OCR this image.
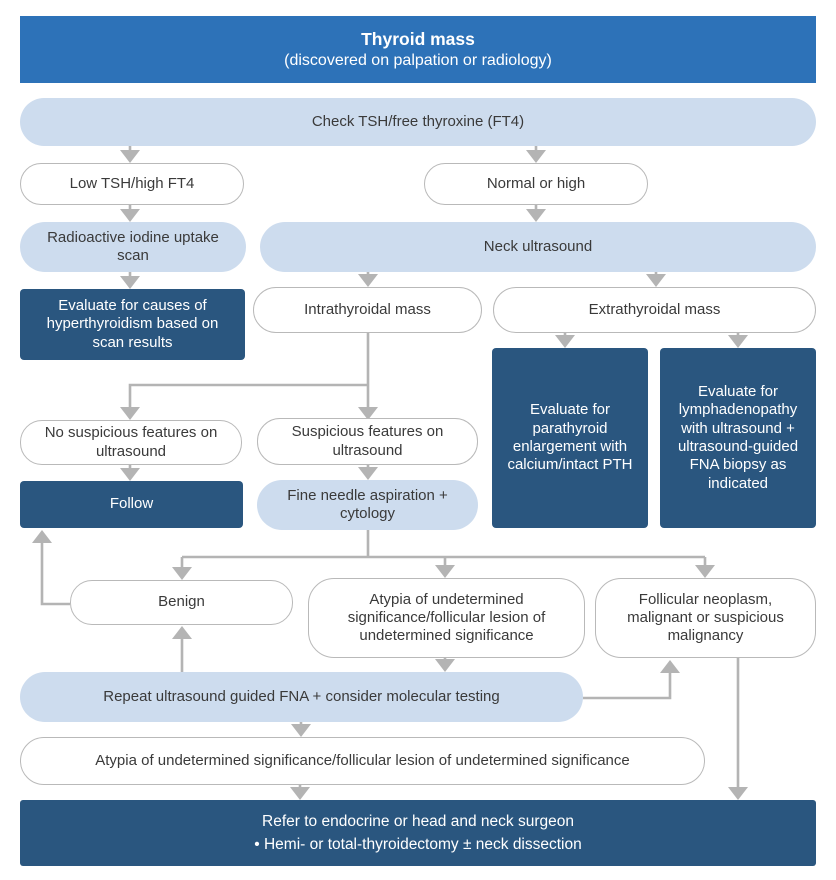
Thyroid mass
(discovered on palpation or radiology)
Check TSH/free thyroxine (FT4)
Low TSH/high FT4	Normal or high
Radioactive iodine uptake scan
Neck ultrasound
Evaluate for causes of hyperthyroidism based on scan results
Intrathyroidal mass	Extrathyroidal mass
Evaluate for parathyroid enlargement with calcium/intact PTH
Evaluate for lymphadenopathy with ultrasound + ultrasound-guided FNA biopsy as indicated
No suspicious features on ultrasound
Suspicious features on ultrasound
Follow
Fine needle aspiration + cytology
Benign	Atypia of undetermined significance/follicular lesion of undetermined significance
Follicular neoplasm, malignant or suspicious malignancy
Repeat ultrasound guided FNA + consider molecular testing
Atypia of undetermined significance/follicular lesion of undetermined significance
Refer to endocrine or head and neck surgeon
• Hemi- or total-thyroidectomy ± neck dissection
